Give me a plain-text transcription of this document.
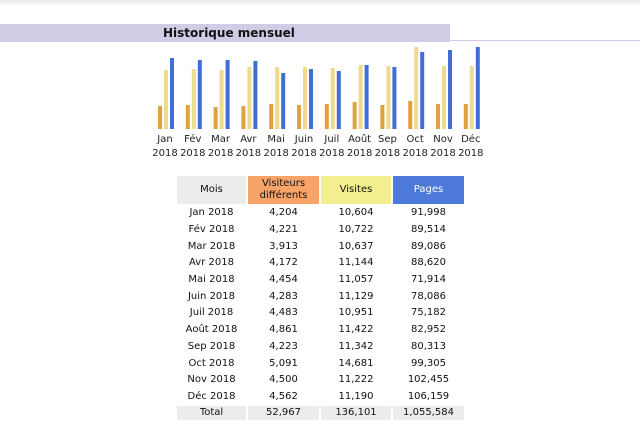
Historique mensuel
Jan
2018
Fév
2018
Mar
2018
Avr
2018
Mai
2018
Juin
2018
Juil
2018
Août
2018
Sep
2018
Oct
2018
Nov
2018
Déc
2018
Mois	Visiteurs différents	Visites	Pages
Jan 2018	4,204	10,604	91,998
Fév 2018	4,221	10,722	89,514
Mar 2018	3,913	10,637	89,086
Avr 2018	4,172	11,144	88,620
Mai 2018	4,454	11,057	71,914
Juin 2018	4,283	11,129	78,086
Juil 2018	4,483	10,951	75,182
Août 2018	4,861	11,422	82,952
Sep 2018	4,223	11,342	80,313
Oct 2018	5,091	14,681	99,305
Nov 2018	4,500	11,222	102,455
Déc 2018	4,562	11,190	106,159
Total	52,967	136,101	1,055,584
